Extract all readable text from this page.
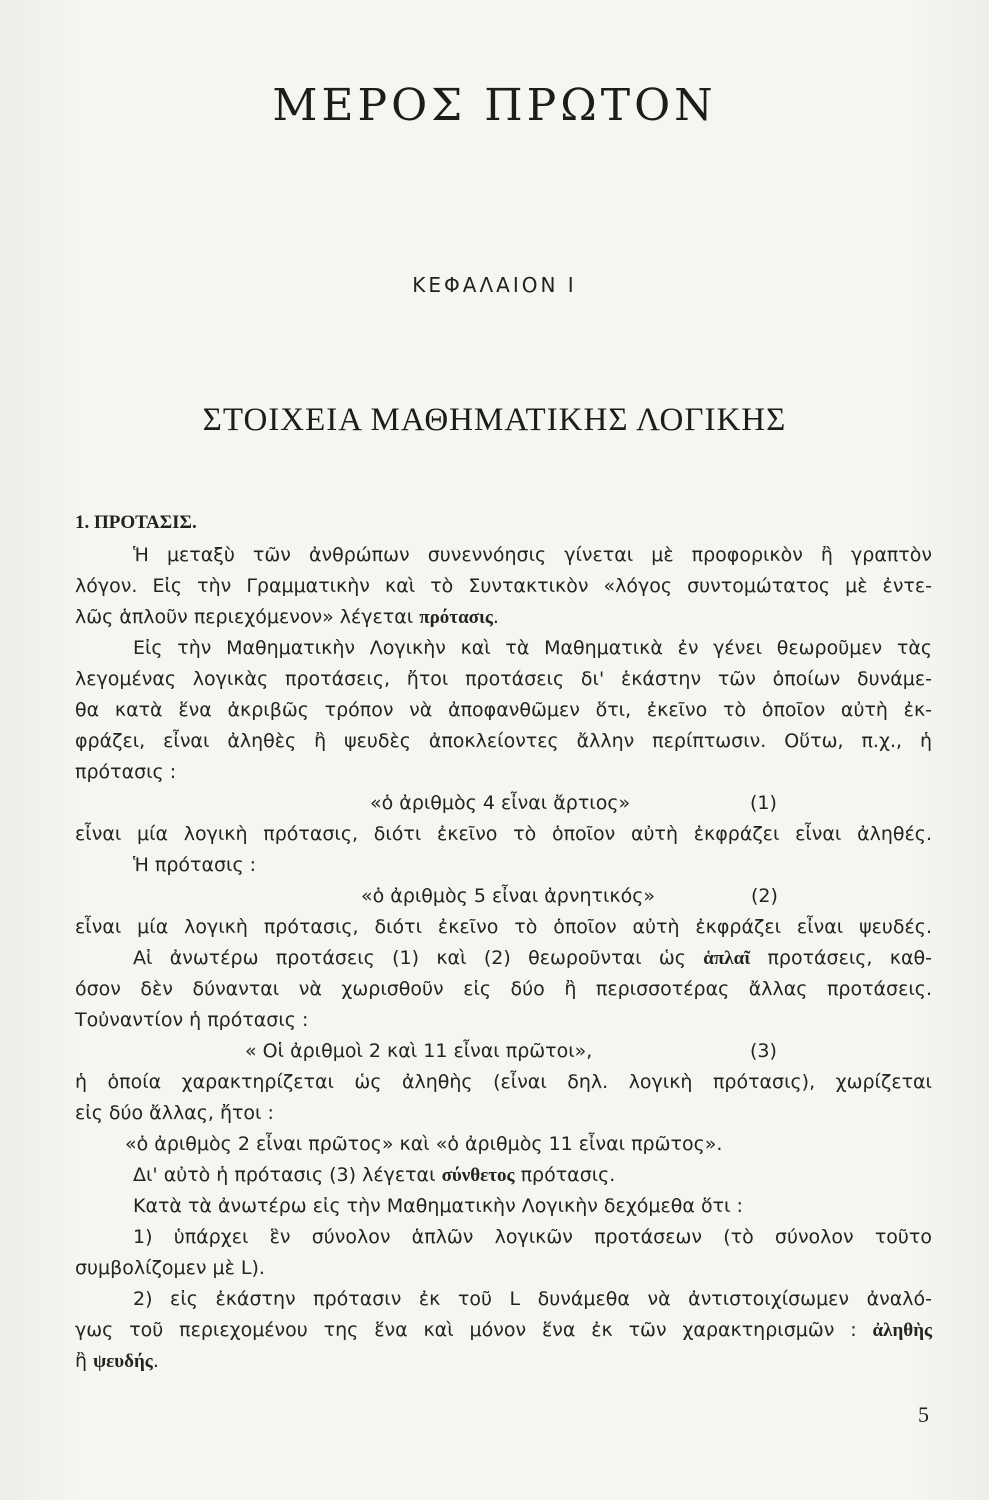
ΜΕΡΟΣ ΠΡΩΤΟΝ
ΚΕΦΑΛΑΙΟΝ Ι
ΣΤΟΙΧΕΙΑ ΜΑΘΗΜΑΤΙΚΗΣ ΛΟΓΙΚΗΣ
1. ΠΡΟΤΑΣΙΣ.
Ἡ μεταξὺ τῶν ἀνθρώπων συνεννόησις γίνεται μὲ προφορικὸν ἢ γραπτὸν
λόγον. Εἰς τὴν Γραμματικὴν καὶ τὸ Συντακτικὸν «λόγος συντομώτατος μὲ ἐντε-
λῶς ἁπλοῦν περιεχόμενον» λέγεται πρότασις.
Εἰς τὴν Μαθηματικὴν Λογικὴν καὶ τὰ Μαθηματικὰ ἐν γένει θεωροῦμεν τὰς
λεγομένας λογικὰς προτάσεις, ἤτοι προτάσεις δι' ἑκάστην τῶν ὁποίων δυνάμε-
θα κατὰ ἕνα ἀκριβῶς τρόπον νὰ ἀποφανθῶμεν ὅτι, ἐκεῖνο τὸ ὁποῖον αὐτὴ ἐκ-
φράζει, εἶναι ἀληθὲς ἢ ψευδὲς ἀποκλείοντες ἄλλην περίπτωσιν. Οὕτω, π.χ., ἡ
πρότασις :
«ὁ ἀριθμὸς 4 εἶναι ἄρτιος»	(1)
εἶναι μία λογικὴ πρότασις, διότι ἐκεῖνο τὸ ὁποῖον αὐτὴ ἐκφράζει εἶναι ἀληθές.
Ἡ πρότασις :
«ὁ ἀριθμὸς 5 εἶναι ἀρνητικός»	(2)
εἶναι μία λογικὴ πρότασις, διότι ἐκεῖνο τὸ ὁποῖον αὐτὴ ἐκφράζει εἶναι ψευδές.
Αἱ ἀνωτέρω προτάσεις (1) καὶ (2) θεωροῦνται ὡς ἁπλαῖ προτάσεις, καθ-
όσον δὲν δύνανται νὰ χωρισθοῦν εἰς δύο ἢ περισσοτέρας ἄλλας προτάσεις.
Τοὐναντίον ἡ πρότασις :
« Οἱ ἀριθμοὶ 2 καὶ 11 εἶναι πρῶτοι»,	(3)
ἡ ὁποία χαρακτηρίζεται ὡς ἀληθὴς (εἶναι δηλ. λογικὴ πρότασις), χωρίζεται
εἰς δύο ἄλλας, ἤτοι :
«ὁ ἀριθμὸς 2 εἶναι πρῶτος» καὶ «ὁ ἀριθμὸς 11 εἶναι πρῶτος».
Δι' αὐτὸ ἡ πρότασις (3) λέγεται σύνθετος πρότασις.
Κατὰ τὰ ἀνωτέρω εἰς τὴν Μαθηματικὴν Λογικὴν δεχόμεθα ὅτι :
1) ὑπάρχει ἓν σύνολον ἁπλῶν λογικῶν προτάσεων (τὸ σύνολον τοῦτο
συμβολίζομεν μὲ L).
2) εἰς ἑκάστην πρότασιν ἐκ τοῦ L δυνάμεθα νὰ ἀντιστοιχίσωμεν ἀναλό-
γως τοῦ περιεχομένου της ἕνα καὶ μόνον ἕνα ἐκ τῶν χαρακτηρισμῶν : ἀληθὴς
ἢ ψευδής.
5
